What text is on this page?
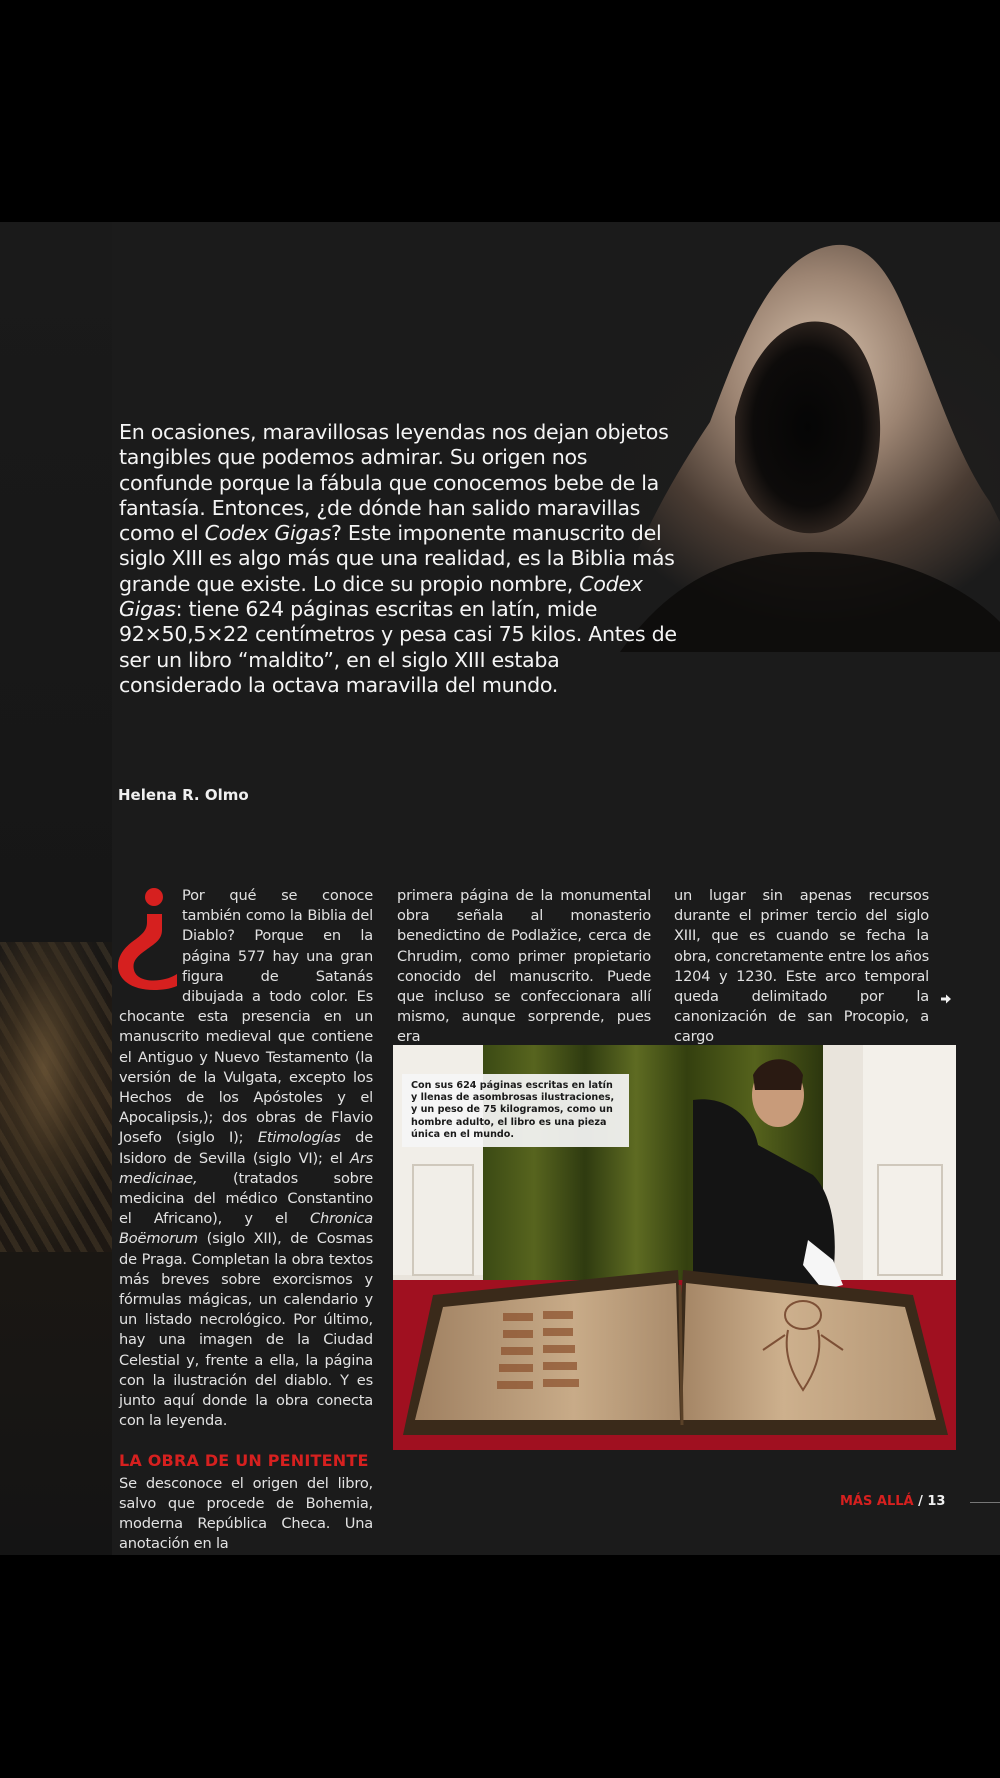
En ocasiones, maravillosas leyendas nos dejan objetos tangibles que podemos admirar. Su origen nos confunde porque la fábula que conocemos bebe de la fantasía. Entonces, ¿de dónde han salido maravillas como el Codex Gigas? Este imponente manuscrito del siglo XIII es algo más que una realidad, es la Biblia más grande que existe. Lo dice su propio nombre, Codex Gigas: tiene 624 páginas escritas en latín, mide 92×50,5×22 centímetros y pesa casi 75 kilos. Antes de ser un libro “maldito”, en el siglo XIII estaba considerado la octava maravilla del mundo.
Helena R. Olmo

Por qué se conoce también como la Biblia del Diablo? Porque en la página 577 hay una gran figura de Satanás dibujada a todo color. Es chocante esta presencia en un manuscrito medieval que contiene el Antiguo y Nuevo Testamento (la versión de la Vulgata, excepto los Hechos de los Apóstoles y el Apocalipsis,); dos obras de Flavio Josefo (siglo I); Etimologías de Isidoro de Sevilla (siglo VI); el Ars medicinae, (tratados sobre medicina del médico Constantino el Africano), y el Chronica Boëmorum (siglo XII), de Cosmas de Praga. Completan la obra textos más breves sobre exorcismos y fórmulas mágicas, un calendario y un listado necrológico. Por último, hay una imagen de la Ciudad Celestial y, frente a ella, la página con la ilustración del diablo. Y es junto aquí donde la obra conecta con la leyenda.

LA OBRA DE UN PENITENTE

Se desconoce el origen del libro, salvo que procede de Bohemia, moderna República Checa. Una anotación en la

primera página de la monumental obra señala al monasterio benedictino de Podlažice, cerca de Chrudim, como primer propietario conocido del manuscrito. Puede que incluso se confeccionara allí mismo, aunque sorprende, pues era

un lugar sin apenas recursos durante el primer tercio del siglo XIII, que es cuando se fecha la obra, concretamente entre los años 1204 y 1230. Este arco temporal queda delimitado por la canonización de san Procopio, a cargo

Con sus 624 páginas escritas en latín y llenas de asombrosas ilustraciones, y un peso de 75 kilogramos, como un hombre adulto, el libro es una pieza única en el mundo.
MÁS ALLÁ / 13
